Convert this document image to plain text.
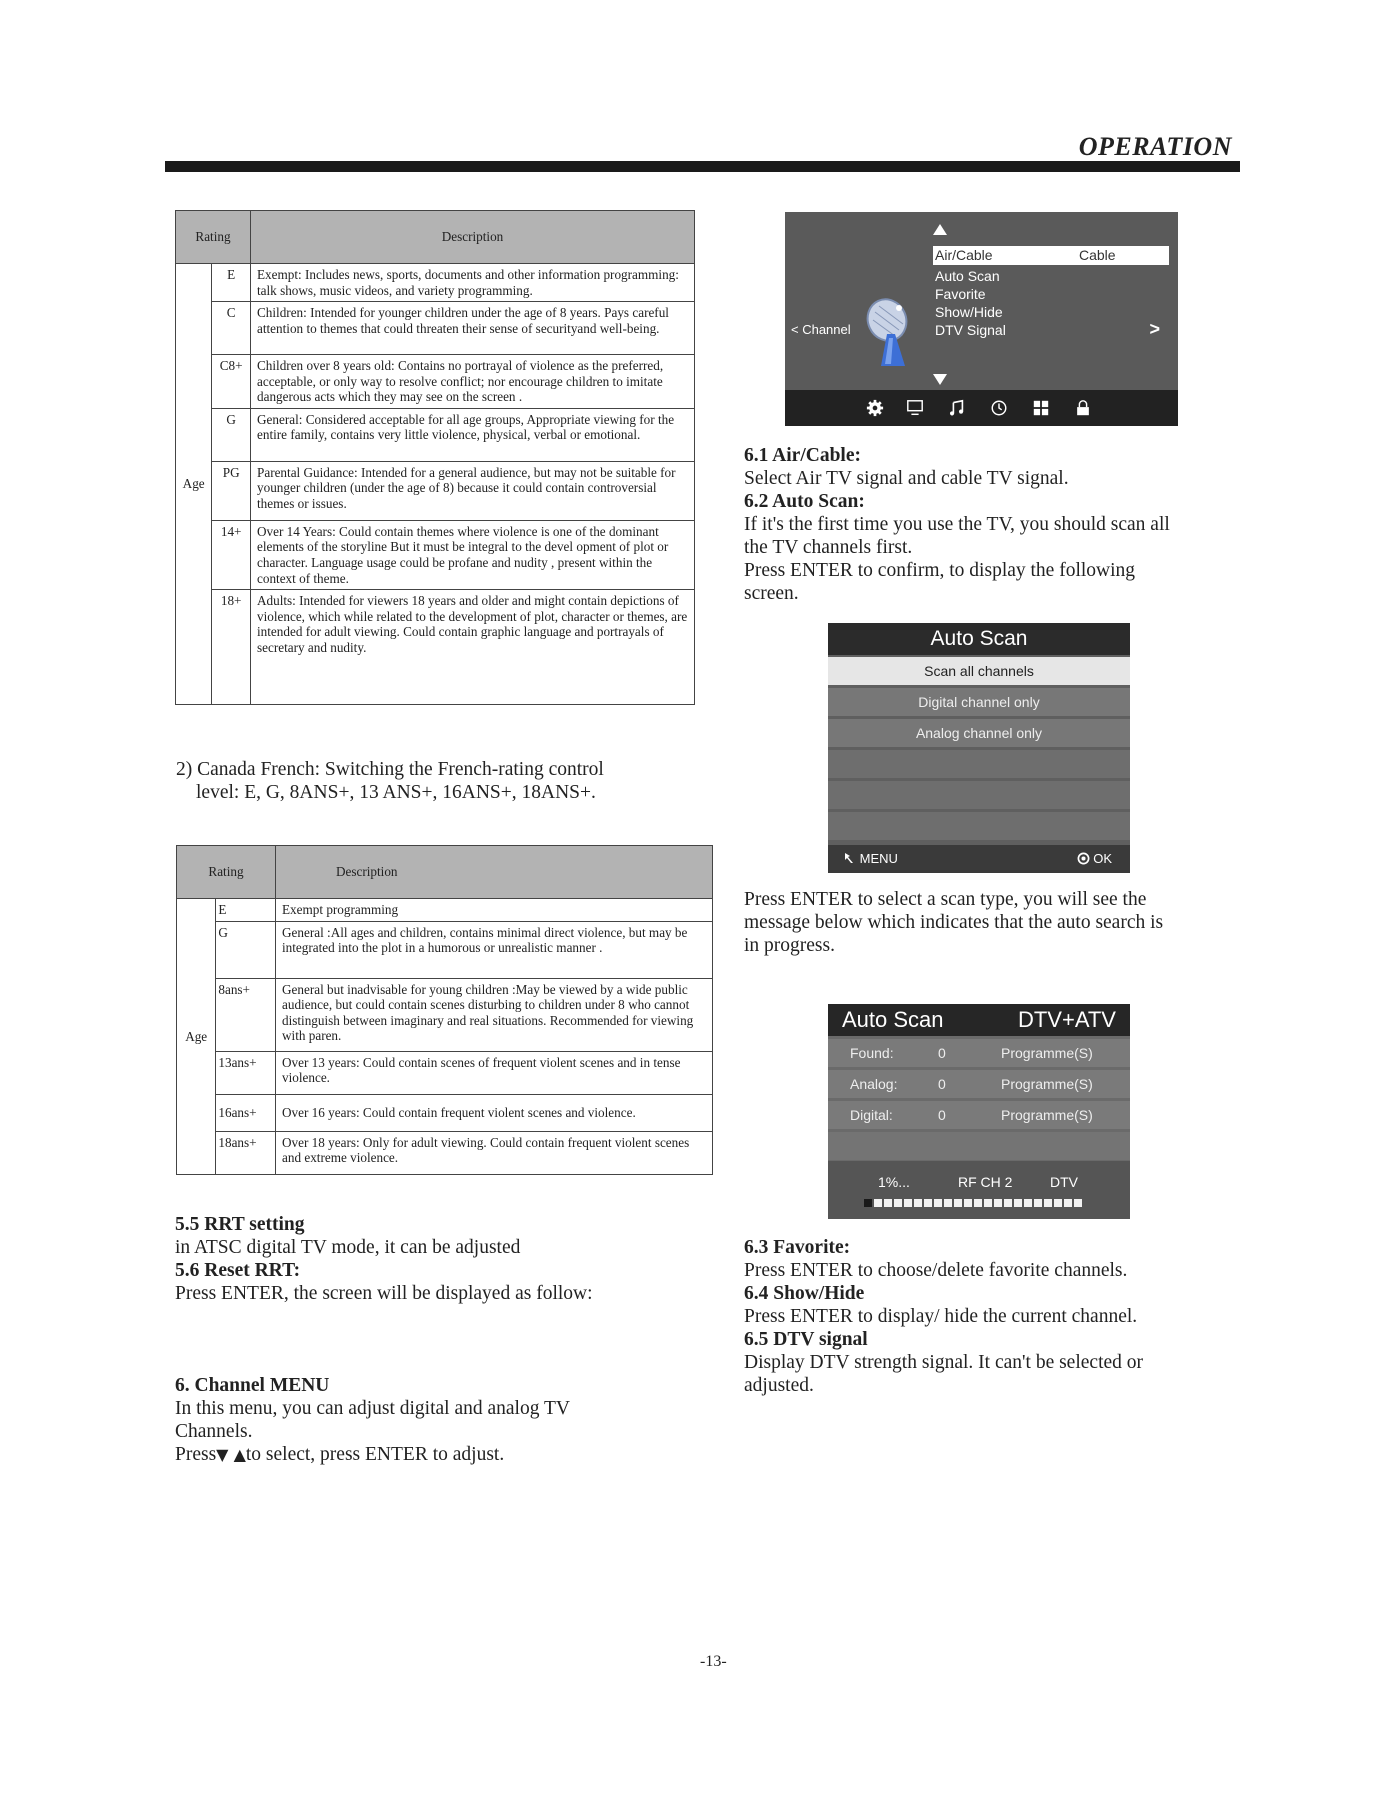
OPERATION
Rating		Description
Age	E	Exempt: Includes news, sports, documents and other information programming: talk shows, music videos, and variety programming.
	C	Children: Intended for younger children under the age of 8 years. Pays careful attention to themes that could threaten their sense of securityand well-being.
	C8+	Children over 8 years old: Contains no portrayal of violence as the preferred, acceptable, or only way to resolve conflict; nor encourage children to imitate dangerous acts which they may see on the screen .
	G	General: Considered acceptable for all age groups, Appropriate viewing for the entire family, contains very little violence, physical, verbal or emotional.
	PG	Parental Guidance: Intended for a general audience, but may not be suitable for younger children (under the age of 8) because it could contain controversial themes or issues.
	14+	Over 14 Years: Could contain themes where violence is one of the dominant elements of the storyline But it must be integral to the devel opment of plot or character. Language usage could be profane and nudity , present within the context of theme.
	18+	Adults: Intended for viewers 18 years and older and might contain depictions of violence, which while related to the development of plot, character or themes, are intended for adult viewing. Could contain graphic language and portrayals of secretary and nudity.

2) Canada French: Switching the French-rating control

level: E, G, 8ANS+, 13 ANS+, 16ANS+, 18ANS+.

Rating		Description
Age	E	Exempt programming
	G	General :All ages and children, contains minimal direct violence, but may be integrated into the plot in a humorous or unrealistic manner .
	8ans+	General but inadvisable for young children :May be viewed by a wide public audience, but could contain scenes disturbing to children under 8 who cannot distinguish between imaginary and real situations. Recommended for viewing with paren.
	13ans+	Over 13 years: Could contain scenes of frequent violent scenes and in tense violence.
	16ans+	Over 16 years: Could contain frequent violent scenes and violence.
	18ans+	Over 18 years: Only for adult viewing. Could contain frequent violent scenes and extreme violence.

5.5 RRT setting

in ATSC digital TV mode, it can be adjusted

5.6 Reset RRT:

Press ENTER, the screen will be displayed as follow:

6. Channel MENU

In this menu, you can adjust digital and analog TV

Channels.

Press▼ ▲to select, press ENTER to adjust.

Air/Cable	Cable
Auto Scan
Favorite
Show/Hide
DTV Signal
< Channel	>

6.1 Air/Cable:

Select Air TV signal and cable TV signal.

6.2 Auto Scan:

If it's the first time you use the TV, you should scan all

the TV channels first.

Press ENTER to confirm, to display the following

screen.

Auto Scan
Scan all channels
Digital channel only
Analog channel only
MENU	OK

Press ENTER to select a scan type, you will see the

message below which indicates that the auto search is

in progress.

Auto Scan	DTV+ATV
Found:	0	Programme(S)
Analog:	0	Programme(S)
Digital:	0	Programme(S)
1%...	RF CH 2	DTV

6.3 Favorite:

Press ENTER to choose/delete favorite channels.

6.4 Show/Hide

Press ENTER to display/ hide the current channel.

6.5 DTV signal

Display DTV strength signal. It can't be selected or

adjusted.

-13-
